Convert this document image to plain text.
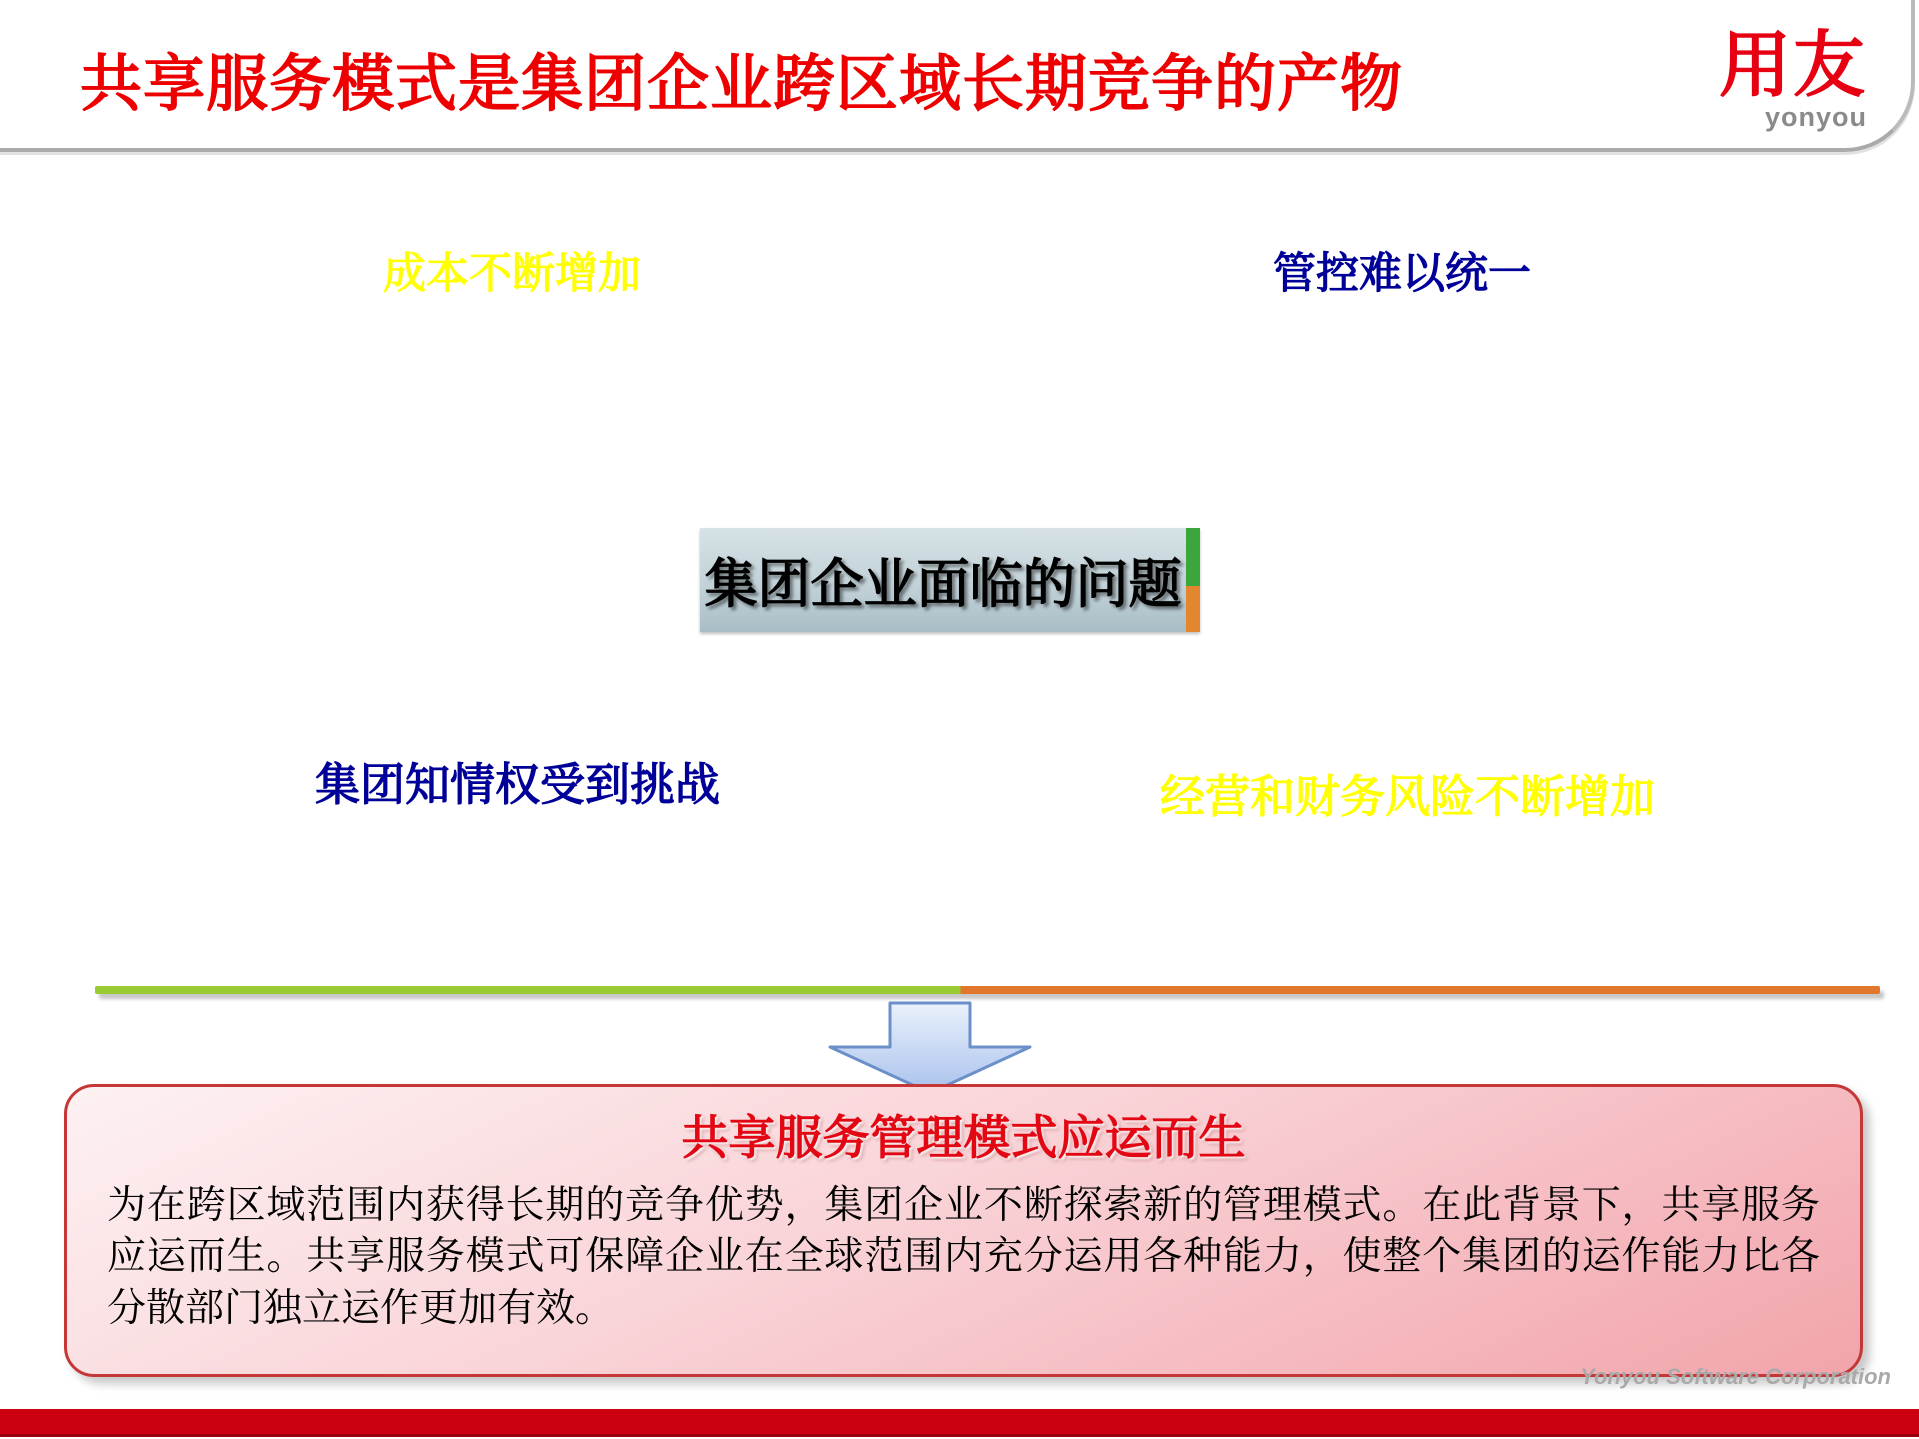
共享服务模式是集团企业跨区域长期竞争的产物	用友
yonyou
成本不断增加	管控难以统一
集团知情权受到挑战	经营和财务风险不断增加
集团企业面临的问题
共享服务管理模式应运而生
为在跨区域范围内获得长期的竞争优势，集团企业不断探索新的管理模式。在此背景下，共享服务应运而生。共享服务模式可保障企业在全球范围内充分运用各种能力，使整个集团的运作能力比各分散部门独立运作更加有效。
Yonyou Software Corporation
